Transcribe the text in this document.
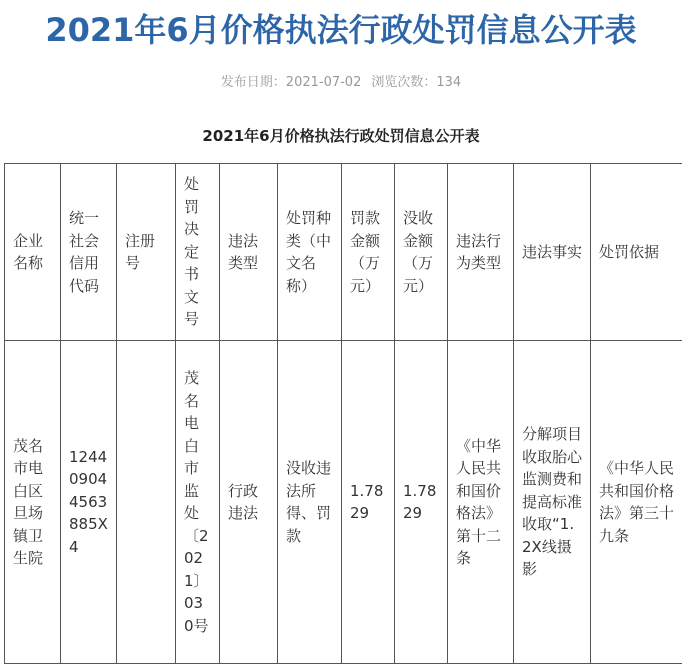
2021年6月价格执法行政处罚信息公开表
发布日期：2021-07-02 浏览次数：134
2021年6月价格执法行政处罚信息公开表
企业名称	统一社会信用代码	注册号	处罚决定书文号	违法类型	处罚种类（中文名称）	罚款金额（万元）	没收金额（万元）	违法行为类型	违法事实	处罚依据
茂名市电白区旦场镇卫生院	124409044563885X4		茂名电白市监处〔2021〕030号	行政违法	没收违法所得、罚款	1.7829	1.7829	《中华人民共和国价格法》第十二条	分解项目收取胎心监测费和提高标准收取“1.2X线摄影	《中华人民共和国价格法》第三十九条
